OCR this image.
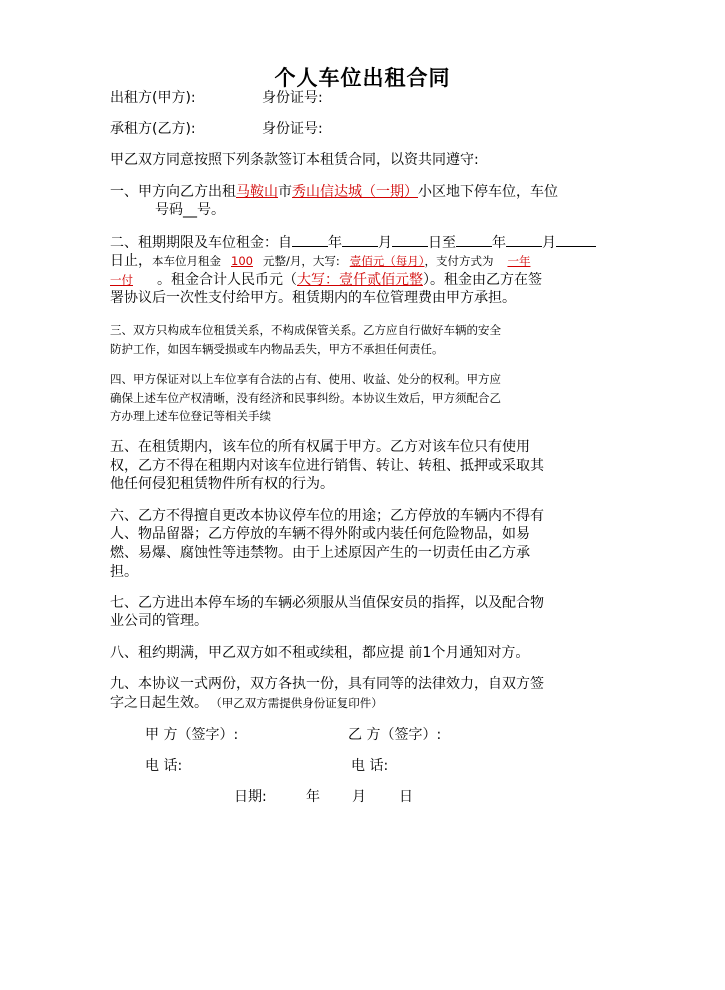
个人车位出租合同
出租方(甲方):	身份证号:
承租方(乙方):	身份证号:
甲乙双方同意按照下列条款签订本租赁合同，以资共同遵守:
一、甲方向乙方出租马鞍山市秀山信达城（一期）小区地下停车位，车位
号码__号。
二、租期期限及车位租金：自	年	月	日至	年	月
日止，本车位月租金 100 元整/月，大写: 壹佰元（每月），支付方式为 一年
一付 。租金合计人民币元（大写：壹仟贰佰元整）。租金由乙方在签
署协议后一次性支付给甲方。租赁期内的车位管理费由甲方承担。
三、双方只构成车位租赁关系，不构成保管关系。乙方应自行做好车辆的安全
防护工作，如因车辆受损或车内物品丢失，甲方不承担任何责任。
四、甲方保证对以上车位享有合法的占有、使用、收益、处分的权利。甲方应
确保上述车位产权清晰，没有经济和民事纠纷。本协议生效后，甲方须配合乙
方办理上述车位登记等相关手续
五、在租赁期内，该车位的所有权属于甲方。乙方对该车位只有使用
权，乙方不得在租期内对该车位进行销售、转让、转租、抵押或采取其
他任何侵犯租赁物件所有权的行为。
六、乙方不得擅自更改本协议停车位的用途；乙方停放的车辆内不得有
人、物品留器；乙方停放的车辆不得外附或内装任何危险物品，如易
燃、易爆、腐蚀性等违禁物。由于上述原因产生的一切责任由乙方承
担。
七、乙方进出本停车场的车辆必须服从当值保安员的指挥，以及配合物
业公司的管理。
八、租约期满，甲乙双方如不租或续租，都应提 前1个月通知对方。
九、本协议一式两份，双方各执一份，具有同等的法律效力，自双方签
字之日起生效。 （甲乙双方需提供身份证复印件）
甲 方（签字）:	乙 方（签字）:
电 话:	电 话:
日期:	年 月 日
